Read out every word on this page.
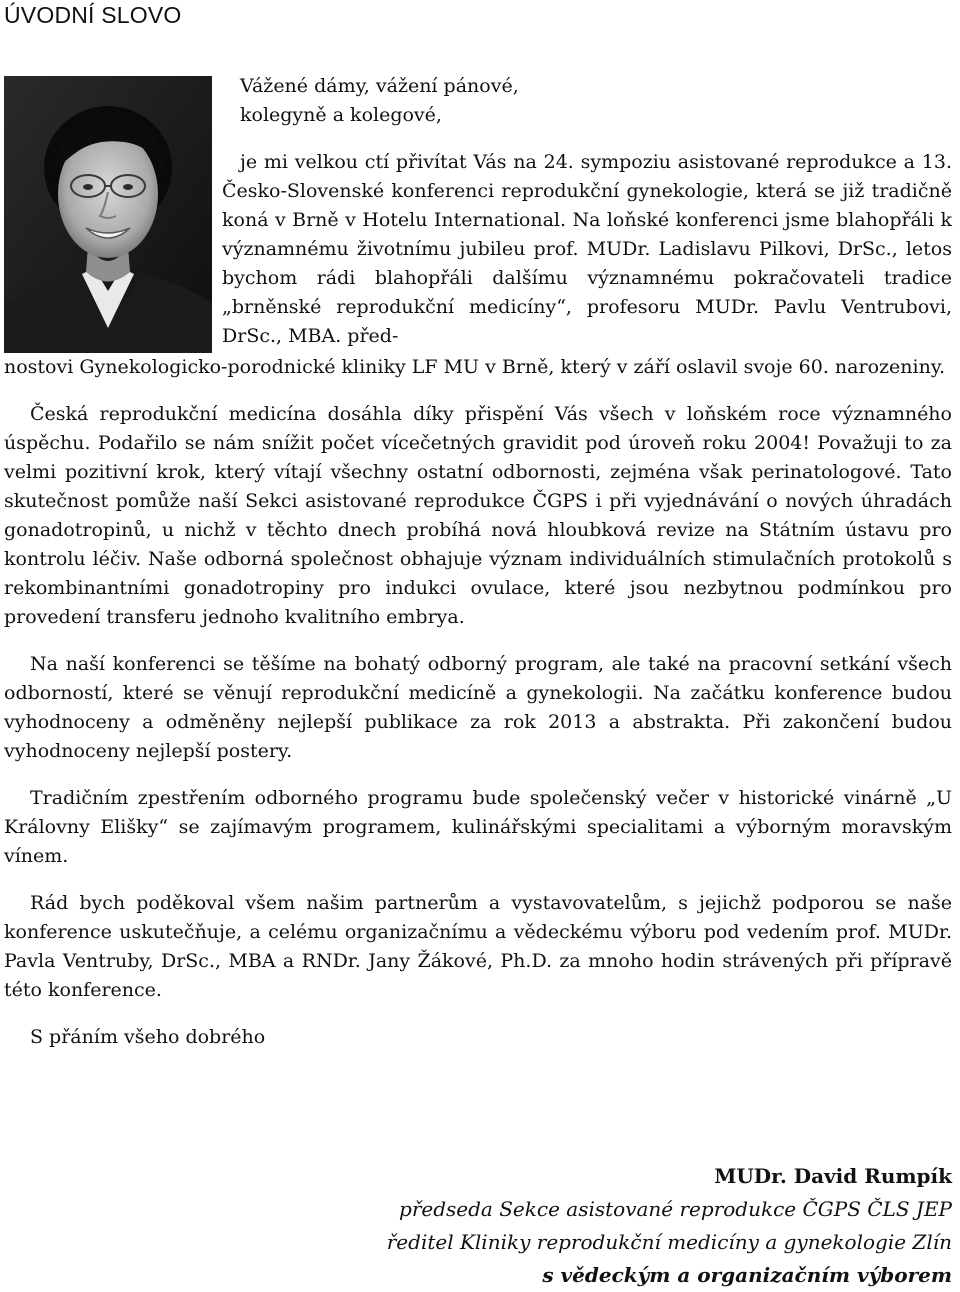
ÚVODNÍ SLOVO
Vážené dámy, vážení pánové,
kolegyně a kolegové,

je mi velkou ctí přivítat Vás na 24. sympoziu asistované reprodukce a 13. Česko-Slovenské konferenci reprodukční gynekologie, která se již tradičně koná v Brně v Hotelu International. Na loňské konferenci jsme blahopřáli k významnému životnímu jubileu prof. MUDr. Ladislavu Pilkovi, DrSc., letos bychom rádi blahopřáli dalšímu významnému pokračovateli tradice „brněnské reprodukční medicíny“, profesoru MUDr. Pavlu Ventrubovi, DrSc., MBA. před-

nostovi Gynekologicko-porodnické kliniky LF MU v Brně, který v září oslavil svoje 60. narozeniny.

Česká reprodukční medicína dosáhla díky přispění Vás všech v loňském roce významného úspěchu. Podařilo se nám snížit počet vícečetných gravidit pod úroveň roku 2004! Považuji to za velmi pozitivní krok, který vítají všechny ostatní odbornosti, zejména však perinatologové. Tato skutečnost pomůže naší Sekci asistované reprodukce ČGPS i při vyjednávání o nových úhradách gonadotropinů, u nichž v těchto dnech probíhá nová hloubková revize na Státním ústavu pro kontrolu léčiv. Naše odborná společnost obhajuje význam individuálních stimulačních protokolů s rekombinantními gonadotropiny pro indukci ovulace, které jsou nezbytnou podmínkou pro provedení transferu jednoho kvalitního embrya.

Na naší konferenci se těšíme na bohatý odborný program, ale také na pracovní setkání všech odborností, které se věnují reprodukční medicíně a gynekologii. Na začátku konference budou vyhodnoceny a odměněny nejlepší publikace za rok 2013 a abstrakta. Při zakončení budou vyhodnoceny nejlepší postery.

Tradičním zpestřením odborného programu bude společenský večer v historické vinárně „U Královny Elišky“ se zajímavým programem, kulinářskými specialitami a výborným moravským vínem.

Rád bych poděkoval všem našim partnerům a vystavovatelům, s jejichž podporou se naše konference uskutečňuje, a celému organizačnímu a vědeckému výboru pod vedením prof. MUDr. Pavla Ventruby, DrSc., MBA a RNDr. Jany Žákové, Ph.D. za mnoho hodin strávených při přípravě této konference.

S přáním všeho dobrého

MUDr. David Rumpík
předseda Sekce asistované reprodukce ČGPS ČLS JEP
ředitel Kliniky reprodukční medicíny a gynekologie Zlín
s vědeckým a organizačním výborem
